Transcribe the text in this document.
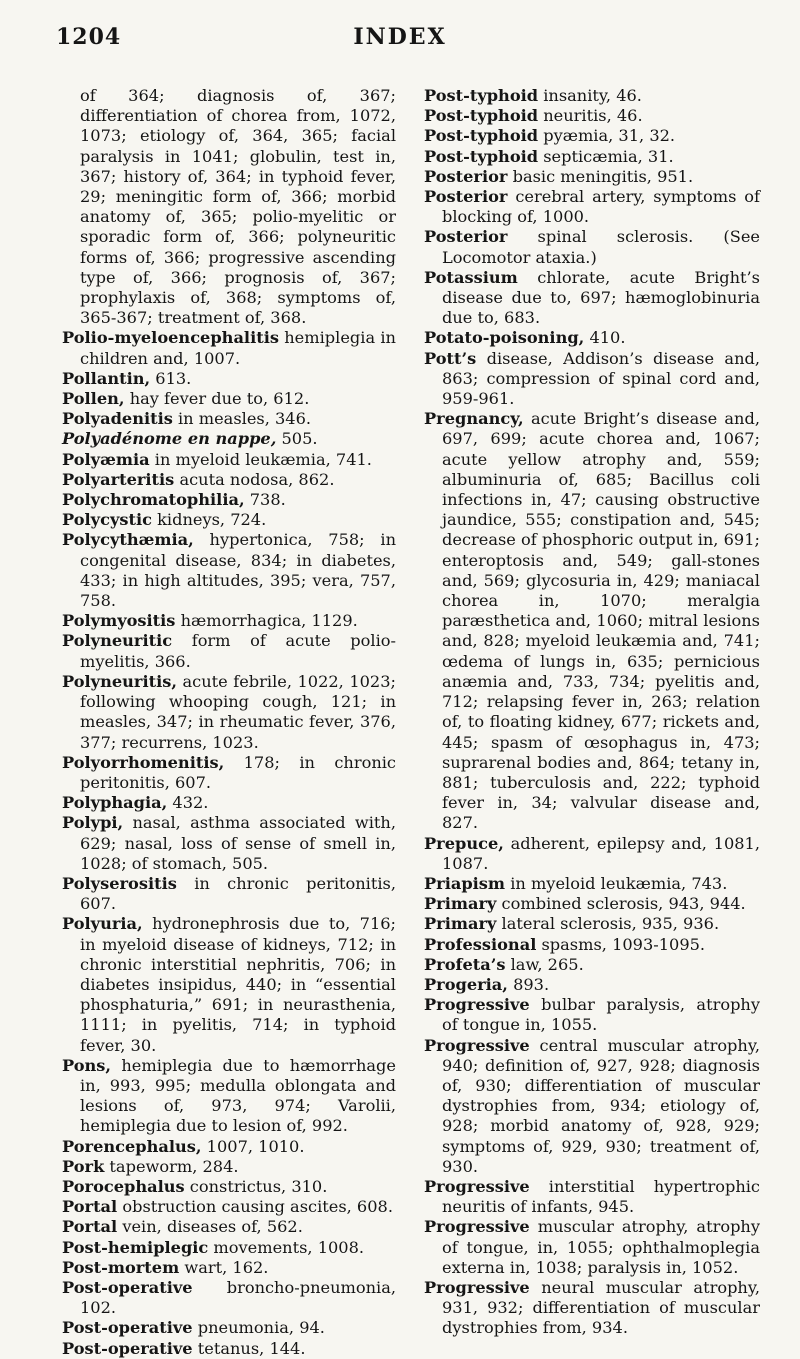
1204	INDEX

of 364; diagnosis of, 367; differentiation of chorea from, 1072, 1073; etiology of, 364, 365; facial paralysis in 1041; globulin, test in, 367; history of, 364; in typhoid fever, 29; meningitic form of, 366; morbid anatomy of, 365; polio-myelitic or sporadic form of, 366; polyneuritic forms of, 366; progressive ascending type of, 366; prognosis of, 367; prophylaxis of, 368; symptoms of, 365-367; treatment of, 368.

Polio-myeloencephalitis hemiplegia in children and, 1007.

Pollantin, 613.

Pollen, hay fever due to, 612.

Polyadenitis in measles, 346.

Polyadénome en nappe, 505.

Polyæmia in myeloid leukæmia, 741.

Polyarteritis acuta nodosa, 862.

Polychromatophilia, 738.

Polycystic kidneys, 724.

Polycythæmia, hypertonica, 758; in congenital disease, 834; in diabetes, 433; in high altitudes, 395; vera, 757, 758.

Polymyositis hæmorrhagica, 1129.

Polyneuritic form of acute polio-myelitis, 366.

Polyneuritis, acute febrile, 1022, 1023; following whooping cough, 121; in measles, 347; in rheumatic fever, 376, 377; recurrens, 1023.

Polyorrhomenitis, 178; in chronic peritonitis, 607.

Polyphagia, 432.

Polypi, nasal, asthma associated with, 629; nasal, loss of sense of smell in, 1028; of stomach, 505.

Polyserositis in chronic peritonitis, 607.

Polyuria, hydronephrosis due to, 716; in myeloid disease of kidneys, 712; in chronic interstitial nephritis, 706; in diabetes insipidus, 440; in “essential phosphaturia,” 691; in neurasthenia, 1111; in pyelitis, 714; in typhoid fever, 30.

Pons, hemiplegia due to hæmorrhage in, 993, 995; medulla oblongata and lesions of, 973, 974; Varolii, hemiplegia due to lesion of, 992.

Porencephalus, 1007, 1010.

Pork tapeworm, 284.

Porocephalus constrictus, 310.

Portal obstruction causing ascites, 608.

Portal vein, diseases of, 562.

Post-hemiplegic movements, 1008.

Post-mortem wart, 162.

Post-operative broncho-pneumonia, 102.

Post-operative pneumonia, 94.

Post-operative tetanus, 144.

Post-typhoid insanity, 46.

Post-typhoid neuritis, 46.

Post-typhoid pyæmia, 31, 32.

Post-typhoid septicæmia, 31.

Posterior basic meningitis, 951.

Posterior cerebral artery, symptoms of blocking of, 1000.

Posterior spinal sclerosis. (See Locomotor ataxia.)

Potassium chlorate, acute Bright’s disease due to, 697; hæmoglobinuria due to, 683.

Potato-poisoning, 410.

Pott’s disease, Addison’s disease and, 863; compression of spinal cord and, 959-961.

Pregnancy, acute Bright’s disease and, 697, 699; acute chorea and, 1067; acute yellow atrophy and, 559; albuminuria of, 685; Bacillus coli infections in, 47; causing obstructive jaundice, 555; constipation and, 545; decrease of phosphoric output in, 691; enteroptosis and, 549; gall-stones and, 569; glycosuria in, 429; maniacal chorea in, 1070; meralgia paræsthetica and, 1060; mitral lesions and, 828; myeloid leukæmia and, 741; œdema of lungs in, 635; pernicious anæmia and, 733, 734; pyelitis and, 712; relapsing fever in, 263; relation of, to floating kidney, 677; rickets and, 445; spasm of œsophagus in, 473; suprarenal bodies and, 864; tetany in, 881; tuberculosis and, 222; typhoid fever in, 34; valvular disease and, 827.

Prepuce, adherent, epilepsy and, 1081, 1087.

Priapism in myeloid leukæmia, 743.

Primary combined sclerosis, 943, 944.

Primary lateral sclerosis, 935, 936.

Professional spasms, 1093-1095.

Profeta’s law, 265.

Progeria, 893.

Progressive bulbar paralysis, atrophy of tongue in, 1055.

Progressive central muscular atrophy, 940; definition of, 927, 928; diagnosis of, 930; differentiation of muscular dystrophies from, 934; etiology of, 928; morbid anatomy of, 928, 929; symptoms of, 929, 930; treatment of, 930.

Progressive interstitial hypertrophic neuritis of infants, 945.

Progressive muscular atrophy, atrophy of tongue, in, 1055; ophthalmoplegia externa in, 1038; paralysis in, 1052.

Progressive neural muscular atrophy, 931, 932; differentiation of muscular dystrophies from, 934.
